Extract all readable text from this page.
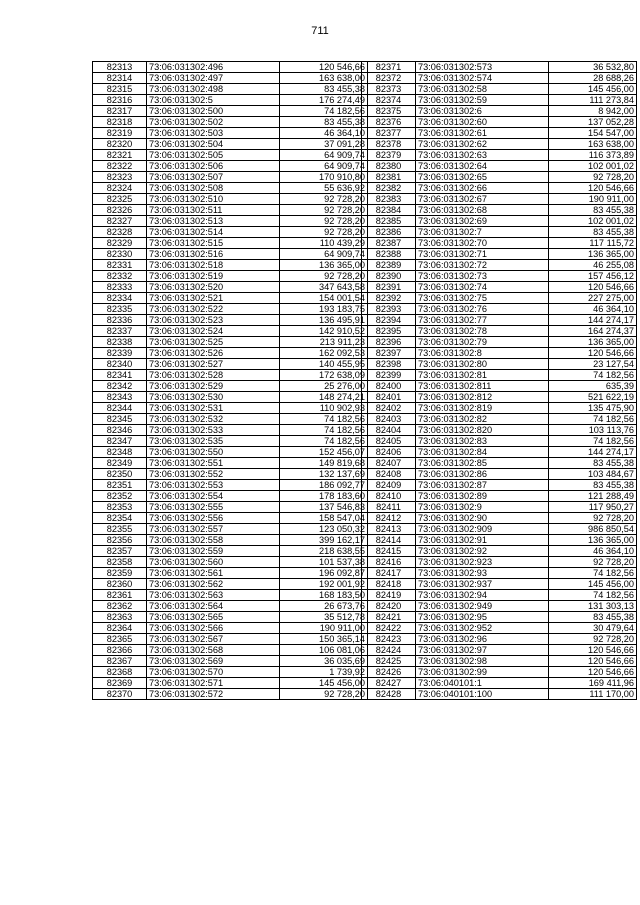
711
82313	73:06:031302:496	120 546,66
82314	73:06:031302:497	163 638,00
82315	73:06:031302:498	83 455,38
82316	73:06:031302:5	176 274,49
82317	73:06:031302:500	74 182,56
82318	73:06:031302:502	83 455,38
82319	73:06:031302:503	46 364,10
82320	73:06:031302:504	37 091,28
82321	73:06:031302:505	64 909,74
82322	73:06:031302:506	64 909,74
82323	73:06:031302:507	170 910,80
82324	73:06:031302:508	55 636,92
82325	73:06:031302:510	92 728,20
82326	73:06:031302:511	92 728,20
82327	73:06:031302:513	92 728,20
82328	73:06:031302:514	92 728,20
82329	73:06:031302:515	110 439,29
82330	73:06:031302:516	64 909,74
82331	73:06:031302:518	136 365,00
82332	73:06:031302:519	92 728,20
82333	73:06:031302:520	347 643,58
82334	73:06:031302:521	154 001,54
82335	73:06:031302:522	193 183,75
82336	73:06:031302:523	136 495,91
82337	73:06:031302:524	142 910,52
82338	73:06:031302:525	213 911,23
82339	73:06:031302:526	162 092,53
82340	73:06:031302:527	140 455,95
82341	73:06:031302:528	172 638,09
82342	73:06:031302:529	25 276,00
82343	73:06:031302:530	148 274,21
82344	73:06:031302:531	110 902,93
82345	73:06:031302:532	74 182,56
82346	73:06:031302:533	74 182,56
82347	73:06:031302:535	74 182,56
82348	73:06:031302:550	152 456,07
82349	73:06:031302:551	149 819,68
82350	73:06:031302:552	132 137,69
82351	73:06:031302:553	186 092,77
82352	73:06:031302:554	178 183,60
82353	73:06:031302:555	137 546,83
82354	73:06:031302:556	158 547,04
82355	73:06:031302:557	123 050,32
82356	73:06:031302:558	399 162,17
82357	73:06:031302:559	218 638,55
82358	73:06:031302:560	101 537,38
82359	73:06:031302:561	196 092,87
82360	73:06:031302:562	192 001,92
82361	73:06:031302:563	168 183,50
82362	73:06:031302:564	26 673,76
82363	73:06:031302:565	35 512,78
82364	73:06:031302:566	190 911,00
82365	73:06:031302:567	150 365,14
82366	73:06:031302:568	106 081,06
82367	73:06:031302:569	36 035,69
82368	73:06:031302:570	1 739,92
82369	73:06:031302:571	145 456,00
82370	73:06:031302:572	92 728,20
82371	73:06:031302:573	36 532,80
82372	73:06:031302:574	28 688,26
82373	73:06:031302:58	145 456,00
82374	73:06:031302:59	111 273,84
82375	73:06:031302:6	8 942,00
82376	73:06:031302:60	137 052,28
82377	73:06:031302:61	154 547,00
82378	73:06:031302:62	163 638,00
82379	73:06:031302:63	116 373,89
82380	73:06:031302:64	102 001,02
82381	73:06:031302:65	92 728,20
82382	73:06:031302:66	120 546,66
82383	73:06:031302:67	190 911,00
82384	73:06:031302:68	83 455,38
82385	73:06:031302:69	102 001,02
82386	73:06:031302:7	83 455,38
82387	73:06:031302:70	117 115,72
82388	73:06:031302:71	136 365,00
82389	73:06:031302:72	46 255,08
82390	73:06:031302:73	157 456,12
82391	73:06:031302:74	120 546,66
82392	73:06:031302:75	227 275,00
82393	73:06:031302:76	46 364,10
82394	73:06:031302:77	144 274,17
82395	73:06:031302:78	164 274,37
82396	73:06:031302:79	136 365,00
82397	73:06:031302:8	120 546,66
82398	73:06:031302:80	23 127,54
82399	73:06:031302:81	74 182,56
82400	73:06:031302:811	635,39
82401	73:06:031302:812	521 622,19
82402	73:06:031302:819	135 475,90
82403	73:06:031302:82	74 182,56
82404	73:06:031302:820	103 113,76
82405	73:06:031302:83	74 182,56
82406	73:06:031302:84	144 274,17
82407	73:06:031302:85	83 455,38
82408	73:06:031302:86	103 484,67
82409	73:06:031302:87	83 455,38
82410	73:06:031302:89	121 288,49
82411	73:06:031302:9	117 950,27
82412	73:06:031302:90	92 728,20
82413	73:06:031302:909	986 850,54
82414	73:06:031302:91	136 365,00
82415	73:06:031302:92	46 364,10
82416	73:06:031302:923	92 728,20
82417	73:06:031302:93	74 182,56
82418	73:06:031302:937	145 456,00
82419	73:06:031302:94	74 182,56
82420	73:06:031302:949	131 303,13
82421	73:06:031302:95	83 455,38
82422	73:06:031302:952	30 479,64
82423	73:06:031302:96	92 728,20
82424	73:06:031302:97	120 546,66
82425	73:06:031302:98	120 546,66
82426	73:06:031302:99	120 546,66
82427	73:06:040101:1	169 411,96
82428	73:06:040101:100	111 170,00
